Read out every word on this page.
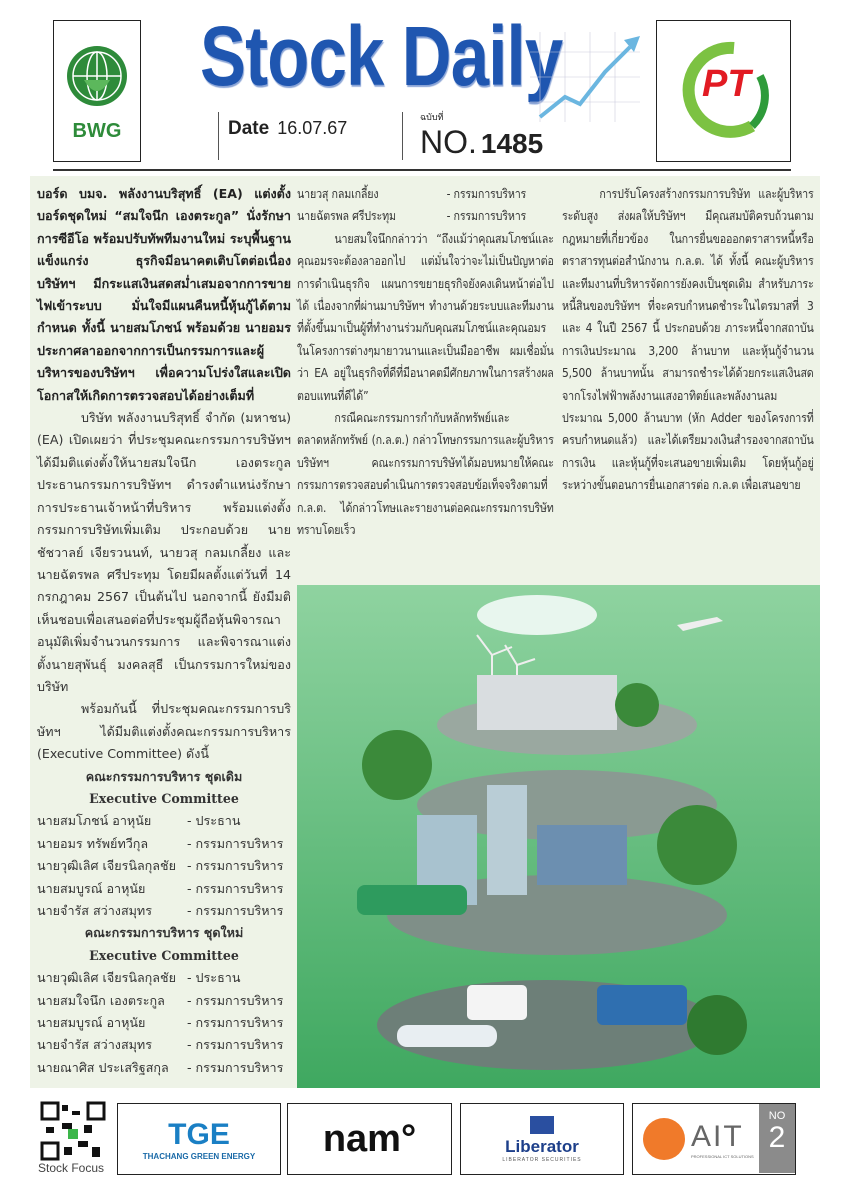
BWG
Stock Daily
Date 16.07.67
ฉบับที่
NO. 1485
PT

บอร์ด บมจ. พลังงานบริสุทธิ์ (EA) แต่งตั้งบอร์ดชุดใหม่ “สมใจนึก เองตระกูล” นั่งรักษาการซีอีโอ พร้อมปรับทัพทีมงานใหม่ ระบุพื้นฐานแข็งแกร่ง ธุรกิจมีอนาคตเติบโตต่อเนื่อง บริษัทฯ มีกระแสเงินสดสม่ำเสมอจากการขายไฟเข้าระบบ มั่นใจมีแผนคืนหนี้หุ้นกู้ได้ตามกำหนด ทั้งนี้ นายสมโภชน์ พร้อมด้วย นายอมร ประกาศลาออกจากการเป็นกรรมการและผู้บริหารของบริษัทฯ เพื่อความโปร่งใสและเปิดโอกาสให้เกิดการตรวจสอบได้อย่างเต็มที่

บริษัท พลังงานบริสุทธิ์ จำกัด (มหาชน) (EA) เปิดเผยว่า ที่ประชุมคณะกรรมการบริษัทฯ ได้มีมติแต่งตั้งให้นายสมใจนึก เองตระกูล ประธานกรรมการบริษัทฯ ดำรงตำแหน่งรักษาการประธานเจ้าหน้าที่บริหาร พร้อมแต่งตั้งกรรมการบริษัทเพิ่มเติม ประกอบด้วย นายชัชวาลย์ เจียรวนนท์, นายวสุ กลมเกลี้ยง และนายฉัตรพล ศรีประทุม โดยมีผลตั้งแต่วันที่ 14 กรกฎาคม 2567 เป็นต้นไป นอกจากนี้ ยังมีมติเห็นชอบเพื่อเสนอต่อที่ประชุมผู้ถือหุ้นพิจารณาอนุมัติเพิ่มจำนวนกรรมการ และพิจารณาแต่งตั้งนายสุพันธุ์ มงคลสุธี เป็นกรรมการใหม่ของบริษัท

พร้อมกันนี้ ที่ประชุมคณะกรรมการบริษัทฯ ได้มีมติแต่งตั้งคณะกรรมการบริหาร (Executive Committee) ดังนี้

คณะกรรมการบริหาร ชุดเดิม

Executive Committee

นายสมโภชน์ อาหุนัย	- ประธาน
นายอมร ทรัพย์ทวีกุล	- กรรมการบริหาร
นายวุฒิเลิศ เจียรนิลกุลชัย - กรรมการบริหาร
นายสมบูรณ์ อาหุนัย	- กรรมการบริหาร
นายจำรัส สว่างสมุทร	- กรรมการบริหาร

คณะกรรมการบริหาร ชุดใหม่

Executive Committee

นายวุฒิเลิศ เจียรนิลกุลชัย - ประธาน
นายสมใจนึก เองตระกูล	- กรรมการบริหาร
นายสมบูรณ์ อาหุนัย	- กรรมการบริหาร
นายจำรัส สว่างสมุทร	- กรรมการบริหาร
นายณาศิส ประเสริฐสกุล	- กรรมการบริหาร
นายวสุ กลมเกลี้ยง	- กรรมการบริหาร
นายฉัตรพล ศรีประทุม	- กรรมการบริหาร

นายสมใจนึกกล่าวว่า “ถึงแม้ว่าคุณสมโภชน์และคุณอมรจะต้องลาออกไป แต่มั่นใจว่าจะไม่เป็นปัญหาต่อการดำเนินธุรกิจ แผนการขยายธุรกิจยังคงเดินหน้าต่อไปได้ เนื่องจากที่ผ่านมาบริษัทฯ ทำงานด้วยระบบและทีมงานที่ตั้งขึ้นมาเป็นผู้ที่ทำงานร่วมกับคุณสมโภชน์และคุณอมรในโครงการต่างๆมายาวนานและเป็นมืออาชีพ ผมเชื่อมั่นว่า EA อยู่ในธุรกิจที่ดีที่มีอนาคตมีศักยภาพในการสร้างผลตอบแทนที่ดีได้”

กรณีคณะกรรมการกำกับหลักทรัพย์และตลาดหลักทรัพย์ (ก.ล.ต.) กล่าวโทษกรรมการและผู้บริหารบริษัทฯ คณะกรรมการบริษัทได้มอบหมายให้คณะกรรมการตรวจสอบดำเนินการตรวจสอบข้อเท็จจริงตามที่ ก.ล.ต. ได้กล่าวโทษและรายงานต่อคณะกรรมการบริษัททราบโดยเร็ว

การปรับโครงสร้างกรรมการบริษัท และผู้บริหารระดับสูง ส่งผลให้บริษัทฯ มีคุณสมบัติครบถ้วนตามกฎหมายที่เกี่ยวข้อง ในการยื่นขอออกตราสารหนี้หรือตราสารทุนต่อสำนักงาน ก.ล.ต. ได้ ทั้งนี้ คณะผู้บริหารและทีมงานที่บริหารจัดการยังคงเป็นชุดเดิม สำหรับภาระหนี้สินของบริษัทฯ ที่จะครบกำหนดชำระในไตรมาสที่ 3 และ 4 ในปี 2567 นี้ ประกอบด้วย ภาระหนี้จากสถาบันการเงินประมาณ 3,200 ล้านบาท และหุ้นกู้จำนวน 5,500 ล้านบาทนั้น สามารถชำระได้ด้วยกระแสเงินสดจากโรงไฟฟ้าพลังงานแสงอาทิตย์และพลังงานลมประมาณ 5,000 ล้านบาท (หัก Adder ของโครงการที่ครบกำหนดแล้ว) และได้เตรียมวงเงินสำรองจากสถาบันการเงิน และหุ้นกู้ที่จะเสนอขายเพิ่มเติม โดยหุ้นกู้อยู่ระหว่างขั้นตอนการยื่นเอกสารต่อ ก.ล.ต เพื่อเสนอขาย

Stock Focus
TGE
THACHANG GREEN ENERGY nam°	Liberator
LIBERATOR SECURITIES
AIT
PROFESSIONAL ICT SOLUTIONS
NO
2
